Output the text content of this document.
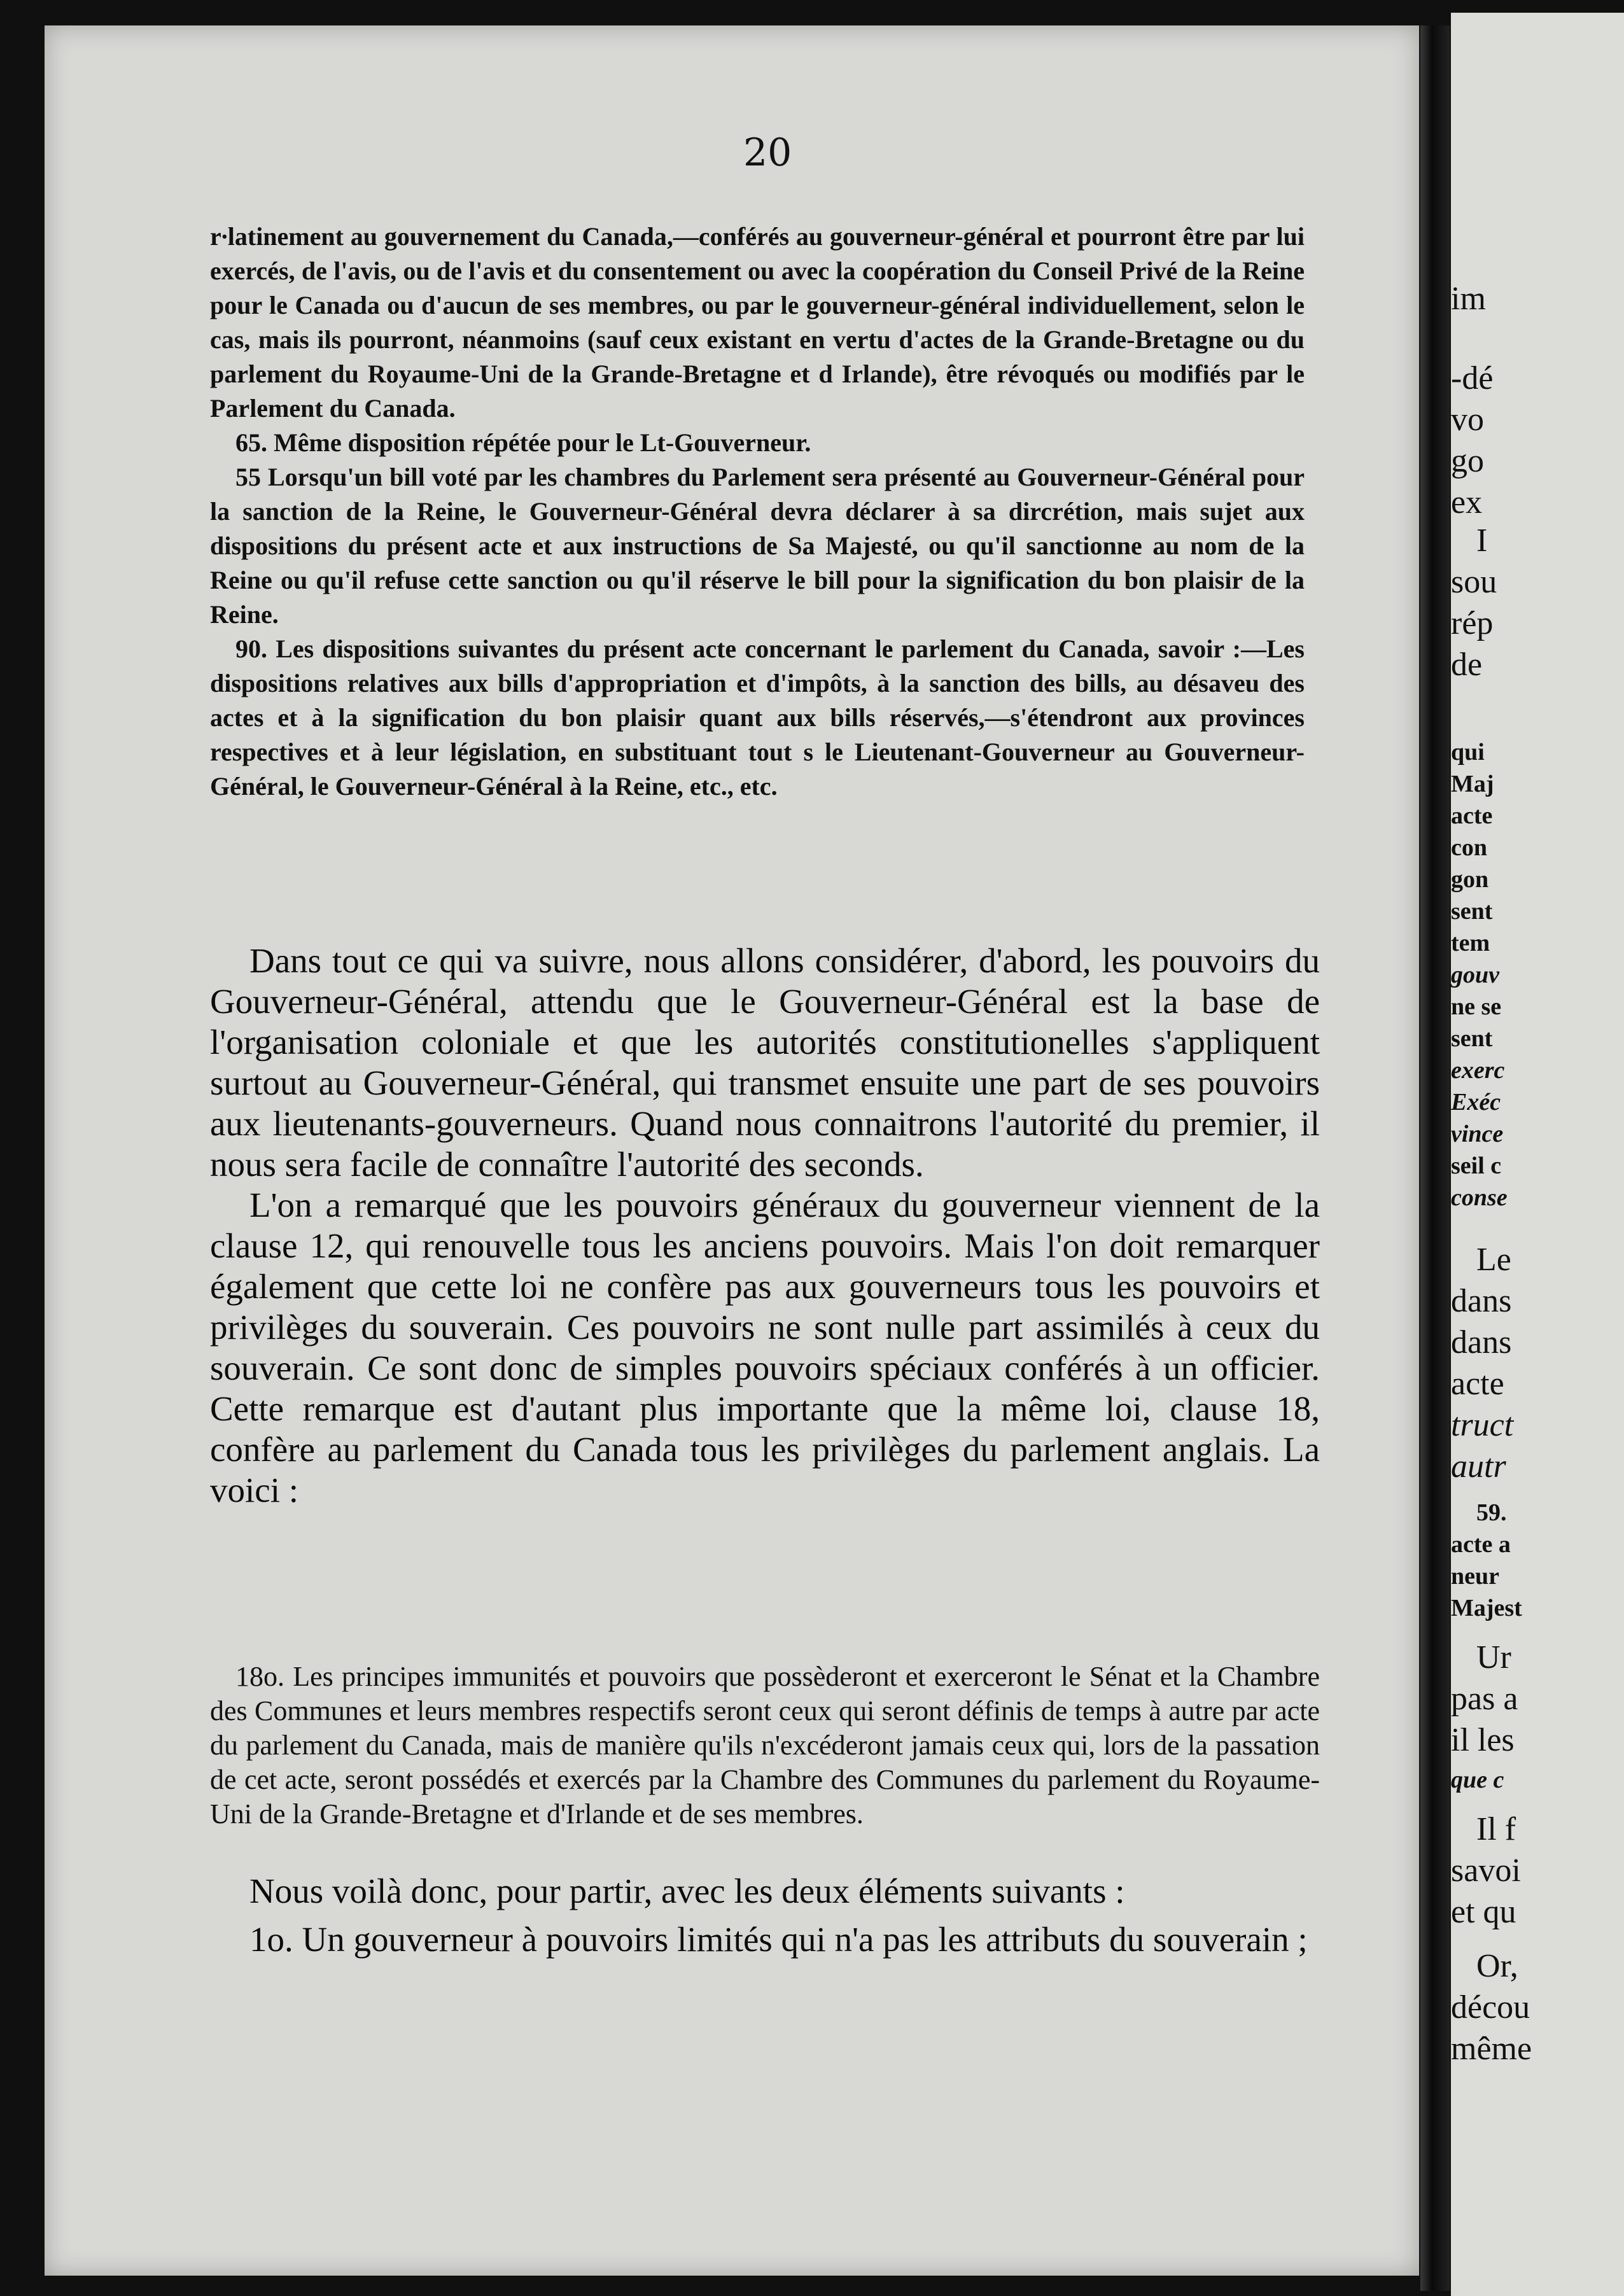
20

r∙latinement au gouvernement du Canada,—conférés au gouverneur-général et pourront être par lui exercés, de l'avis, ou de l'avis et du consentement ou avec la coopération du Conseil Privé de la Reine pour le Canada ou d'aucun de ses membres, ou par le gouverneur-général individuellement, selon le cas, mais ils pourront, néanmoins (sauf ceux existant en vertu d'actes de la Grande-Bretagne ou du parlement du Royaume-Uni de la Grande-Bretagne et d Irlande), être révoqués ou modifiés par le Parlement du Canada.

65. Même disposition répétée pour le Lt-Gouverneur.

55 Lorsqu'un bill voté par les chambres du Parlement sera présenté au Gouverneur-Général pour la sanction de la Reine, le Gouverneur-Général devra déclarer à sa dircrétion, mais sujet aux dispositions du présent acte et aux instructions de Sa Majesté, ou qu'il sanctionne au nom de la Reine ou qu'il refuse cette sanction ou qu'il réserve le bill pour la signification du bon plaisir de la Reine.

90. Les dispositions suivantes du présent acte concernant le parlement du Canada, savoir :—Les dispositions relatives aux bills d'appropriation et d'impôts, à la sanction des bills, au désaveu des actes et à la signification du bon plaisir quant aux bills réservés,—s'étendront aux provinces respectives et à leur législation, en substituant tout s le Lieutenant-Gouverneur au Gouverneur-Général, le Gouverneur-Général à la Reine, etc., etc.

Dans tout ce qui va suivre, nous allons considérer, d'abord, les pouvoirs du Gouverneur-Général, attendu que le Gouverneur-Général est la base de l'organisation coloniale et que les autorités constitutionelles s'appliquent surtout au Gouverneur-Général, qui transmet ensuite une part de ses pouvoirs aux lieutenants-gouverneurs. Quand nous connaitrons l'autorité du premier, il nous sera facile de connaître l'autorité des seconds.

L'on a remarqué que les pouvoirs généraux du gouverneur viennent de la clause 12, qui renouvelle tous les anciens pouvoirs. Mais l'on doit remarquer également que cette loi ne confère pas aux gouverneurs tous les pouvoirs et privilèges du souverain. Ces pouvoirs ne sont nulle part assimilés à ceux du souverain. Ce sont donc de simples pouvoirs spéciaux conférés à un officier. Cette remarque est d'autant plus importante que la même loi, clause 18, confère au parlement du Canada tous les privilèges du parlement anglais. La voici :

18o. Les principes immunités et pouvoirs que possèderont et exerceront le Sénat et la Chambre des Communes et leurs membres respectifs seront ceux qui seront définis de temps à autre par acte du parlement du Canada, mais de manière qu'ils n'excéderont jamais ceux qui, lors de la passation de cet acte, seront possédés et exercés par la Chambre des Communes du parlement du Royaume-Uni de la Grande-Bretagne et d'Irlande et de ses membres.

Nous voilà donc, pour partir, avec les deux éléments suivants :

1o. Un gouverneur à pouvoirs limités qui n'a pas les attributs du souverain ;

im
-dé
vo
go
ex
I
sou
rép
de
qui
Maj
acte
con
gon
sent
tem
gouv
ne se
sent
exerc
Exéc
vince
seil c
conse
Le
dans
dans
acte
truct
autr
59.
acte a
neur
Majest
Ur
pas a
il les
que c
Il f
savoi
et qu
Or,
décou
même
